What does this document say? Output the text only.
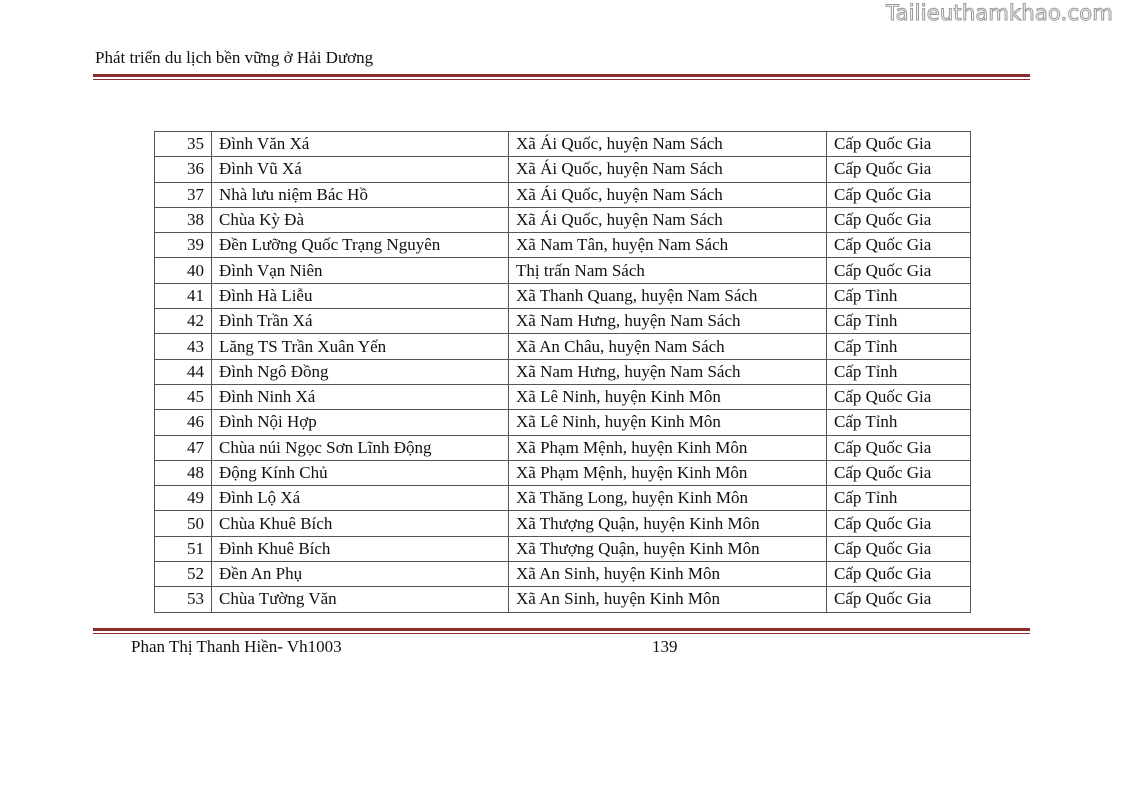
Tailieuthamkhao.com
Phát triển du lịch bền vững ở Hải Dương
35	Đình Văn Xá	Xã Ái Quốc, huyện Nam Sách	Cấp Quốc Gia
36	Đình Vũ Xá	Xã Ái Quốc, huyện Nam Sách	Cấp Quốc Gia
37	Nhà lưu niệm Bác Hồ	Xã Ái Quốc, huyện Nam Sách	Cấp Quốc Gia
38	Chùa Kỳ Đà	Xã Ái Quốc, huyện Nam Sách	Cấp Quốc Gia
39	Đền Lưỡng Quốc Trạng Nguyên	Xã Nam Tân, huyện Nam Sách	Cấp Quốc Gia
40	Đình Vạn Niên	Thị trấn Nam Sách	Cấp Quốc Gia
41	Đình Hà Liễu	Xã Thanh Quang, huyện Nam Sách	Cấp Tỉnh
42	Đình Trần Xá	Xã Nam Hưng, huyện Nam Sách	Cấp Tỉnh
43	Lăng TS Trần Xuân Yến	Xã An Châu, huyện Nam Sách	Cấp Tỉnh
44	Đình Ngô Đồng	Xã Nam Hưng, huyện Nam Sách	Cấp Tỉnh
45	Đình Ninh Xá	Xã Lê Ninh, huyện Kinh Môn	Cấp Quốc Gia
46	Đình Nội Hợp	Xã Lê Ninh, huyện Kinh Môn	Cấp Tỉnh
47	Chùa núi Ngọc Sơn Lĩnh Động	Xã Phạm Mệnh, huyện Kinh Môn	Cấp Quốc Gia
48	Động Kính Chủ	Xã Phạm Mệnh, huyện Kinh Môn	Cấp Quốc Gia
49	Đình Lộ Xá	Xã Thăng Long, huyện Kinh Môn	Cấp Tỉnh
50	Chùa Khuê Bích	Xã Thượng Quận, huyện Kinh Môn	Cấp Quốc Gia
51	Đình Khuê Bích	Xã Thượng Quận, huyện Kinh Môn	Cấp Quốc Gia
52	Đền An Phụ	Xã An Sinh, huyện Kinh Môn	Cấp Quốc Gia
53	Chùa Tường Văn	Xã An Sinh, huyện Kinh Môn	Cấp Quốc Gia
Phan Thị Thanh Hiền- Vh1003	139
